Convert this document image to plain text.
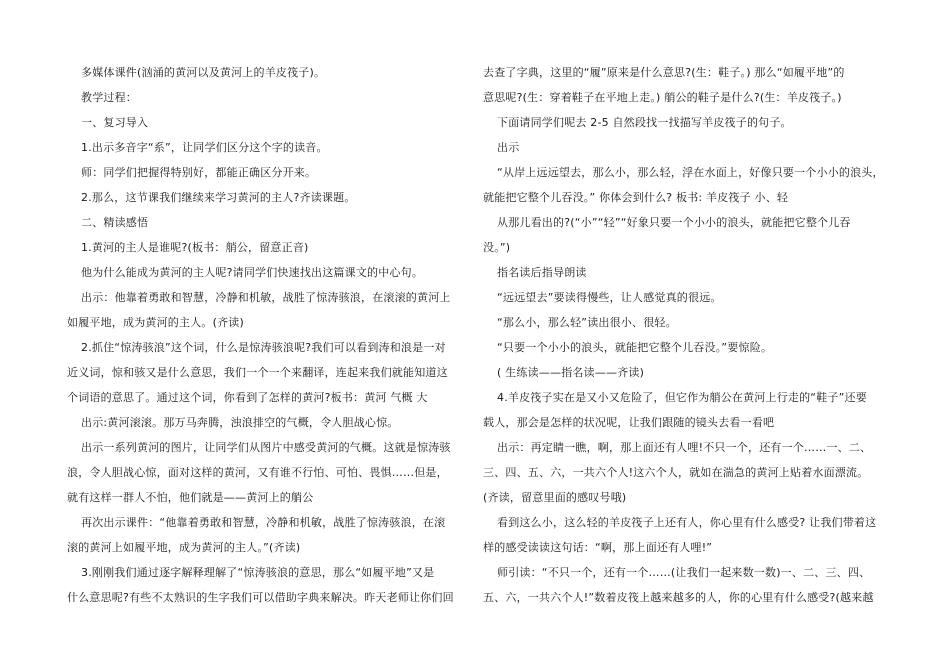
多媒体课件(汹涌的黄河以及黄河上的羊皮筏子)。
教学过程：
一、复习导入
1.出示多音字“系”，让同学们区分这个字的读音。
师：同学们把握得特别好，都能正确区分开来。
2.那么，这节课我们继续来学习黄河的主人?齐读课题。
二、精读感悟
1.黄河的主人是谁呢?(板书：艄公，留意正音)
他为什么能成为黄河的主人呢?请同学们快速找出这篇课文的中心句。
出示：他靠着勇敢和智慧，冷静和机敏，战胜了惊涛骇浪，在滚滚的黄河上
如履平地，成为黄河的主人。(齐读)
2.抓住“惊涛骇浪”这个词，什么是惊涛骇浪呢?我们可以看到涛和浪是一对
近义词，惊和骇又是什么意思，我们一个一个来翻译，连起来我们就能知道这
个词语的意思了。通过这个词，你看到了怎样的黄河?板书：黄河 气概 大
出示:黄河滚滚。那万马奔腾，浊浪排空的气概，令人胆战心惊。
出示一系列黄河的图片，让同学们从图片中感受黄河的气概。这就是惊涛骇
浪，令人胆战心惊，面对这样的黄河，又有谁不行怕、可怕、畏惧……但是，
就有这样一群人不怕，他们就是——黄河上的艄公
再次出示课件：“他靠着勇敢和智慧，冷静和机敏，战胜了惊涛骇浪，在滚
滚的黄河上如履平地，成为黄河的主人。”(齐读)
3.刚刚我们通过逐字解释理解了“惊涛骇浪的意思，那么“如履平地”又是
什么意思呢?有些不太熟识的生字我们可以借助字典来解决。昨天老师让你们回
去查了字典，这里的“履”原来是什么意思?(生：鞋子。) 那么“如履平地”的
意思呢?(生：穿着鞋子在平地上走。) 艄公的鞋子是什么?(生：羊皮筏子。)
下面请同学们呢去 2-5 自然段找一找描写羊皮筏子的句子。
出示
“从岸上远远望去，那么小，那么轻，浮在水面上，好像只要一个小小的浪头，
就能把它整个儿吞没。” 你体会到什么? 板书: 羊皮筏子 小、轻
从那儿看出的?(“小”“轻”“好象只要一个小小的浪头，就能把它整个儿吞
没。”)
指名读后指导朗读
“远远望去”要读得慢些，让人感觉真的很远。
“那么小，那么轻”读出很小、很轻。
“只要一个小小的浪头，就能把它整个儿吞没。”要惊险。
( 生练读——指名读——齐读)
4.羊皮筏子实在是又小又危险了，但它作为艄公在黄河上行走的“鞋子”还要
载人，那会是怎样的状况呢，让我们跟随的镜头去看一看吧
出示：再定睛一瞧，啊，那上面还有人哩!不只一个，还有一个……一、二、
三、四、五、六，一共六个人!这六个人，就如在湍急的黄河上贴着水面漂流。
(齐读，留意里面的感叹号哦)
看到这么小，这么轻的羊皮筏子上还有人，你心里有什么感受? 让我们带着这
样的感受读读这句话：“啊，那上面还有人哩!”
师引读：“不只一个，还有一个……(让我们一起来数一数)一、二、三、四、
五、六，一共六个人!”数着皮筏上越来越多的人，你的心里有什么感受?(越来越
